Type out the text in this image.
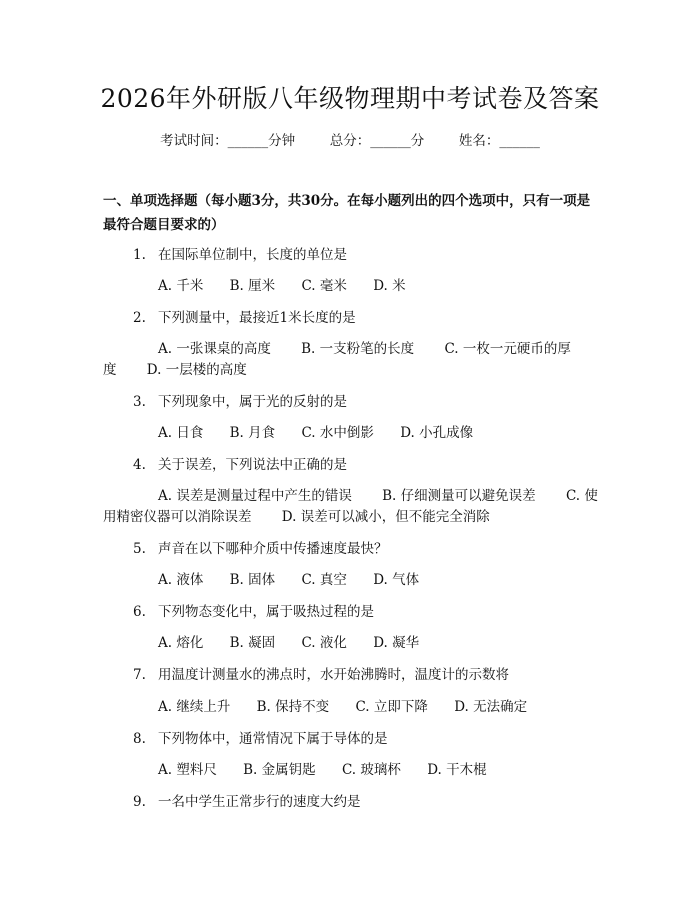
2026年外研版八年级物理期中考试卷及答案
考试时间：______分钟	总分：______分	姓名：______
一、单项选择题（每小题3分，共30分。在每小题列出的四个选项中，只有一项是最符合题目要求的）
1. 在国际单位制中，长度的单位是
A. 千米 B. 厘米 C. 毫米 D. 米
2. 下列测量中，最接近1米长度的是
A. 一张课桌的高度 B. 一支粉笔的长度 C. 一枚一元硬币的厚度 D. 一层楼的高度
3. 下列现象中，属于光的反射的是
A. 日食 B. 月食 C. 水中倒影 D. 小孔成像
4. 关于误差，下列说法中正确的是
A. 误差是测量过程中产生的错误 B. 仔细测量可以避免误差 C. 使用精密仪器可以消除误差 D. 误差可以减小，但不能完全消除
5. 声音在以下哪种介质中传播速度最快？
A. 液体 B. 固体 C. 真空 D. 气体
6. 下列物态变化中，属于吸热过程的是
A. 熔化 B. 凝固 C. 液化 D. 凝华
7. 用温度计测量水的沸点时，水开始沸腾时，温度计的示数将
A. 继续上升 B. 保持不变 C. 立即下降 D. 无法确定
8. 下列物体中，通常情况下属于导体的是
A. 塑料尺 B. 金属钥匙 C. 玻璃杯 D. 干木棍
9. 一名中学生正常步行的速度大约是
